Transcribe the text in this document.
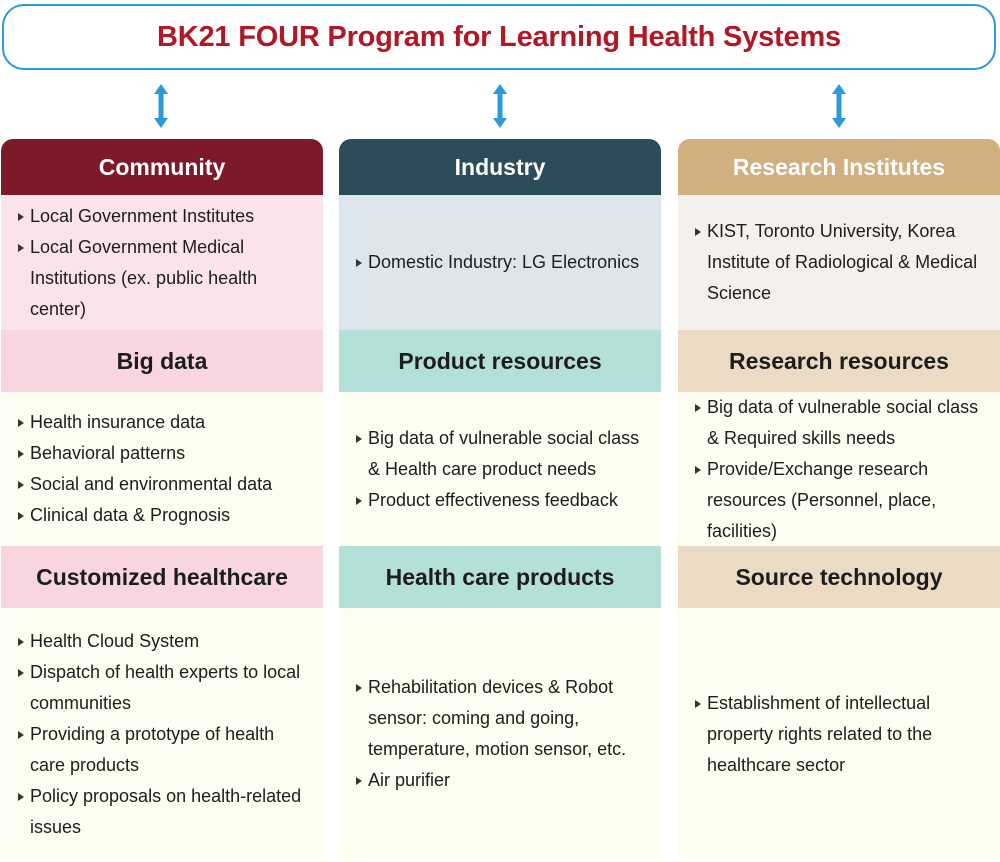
BK21 FOUR Program for Learning Health Systems
Community
Local Government Institutes
Local Government Medical Institutions (ex. public health center)
Big data
Health insurance data
Behavioral patterns
Social and environmental data
Clinical data & Prognosis
Customized healthcare
Health Cloud System
Dispatch of health experts to local communities
Providing a prototype of health care products
Policy proposals on health-related issues
Industry
Domestic Industry: LG Electronics
Product resources
Big data of vulnerable social class & Health care product needs
Product effectiveness feedback
Health care products
Rehabilitation devices & Robot sensor: coming and going, temperature, motion sensor, etc.
Air purifier
Research Institutes
KIST, Toronto University, Korea Institute of Radiological & Medical Science
Research resources
Big data of vulnerable social class & Required skills needs
Provide/Exchange research resources (Personnel, place, facilities)
Source technology
Establishment of intellectual property rights related to the healthcare sector
